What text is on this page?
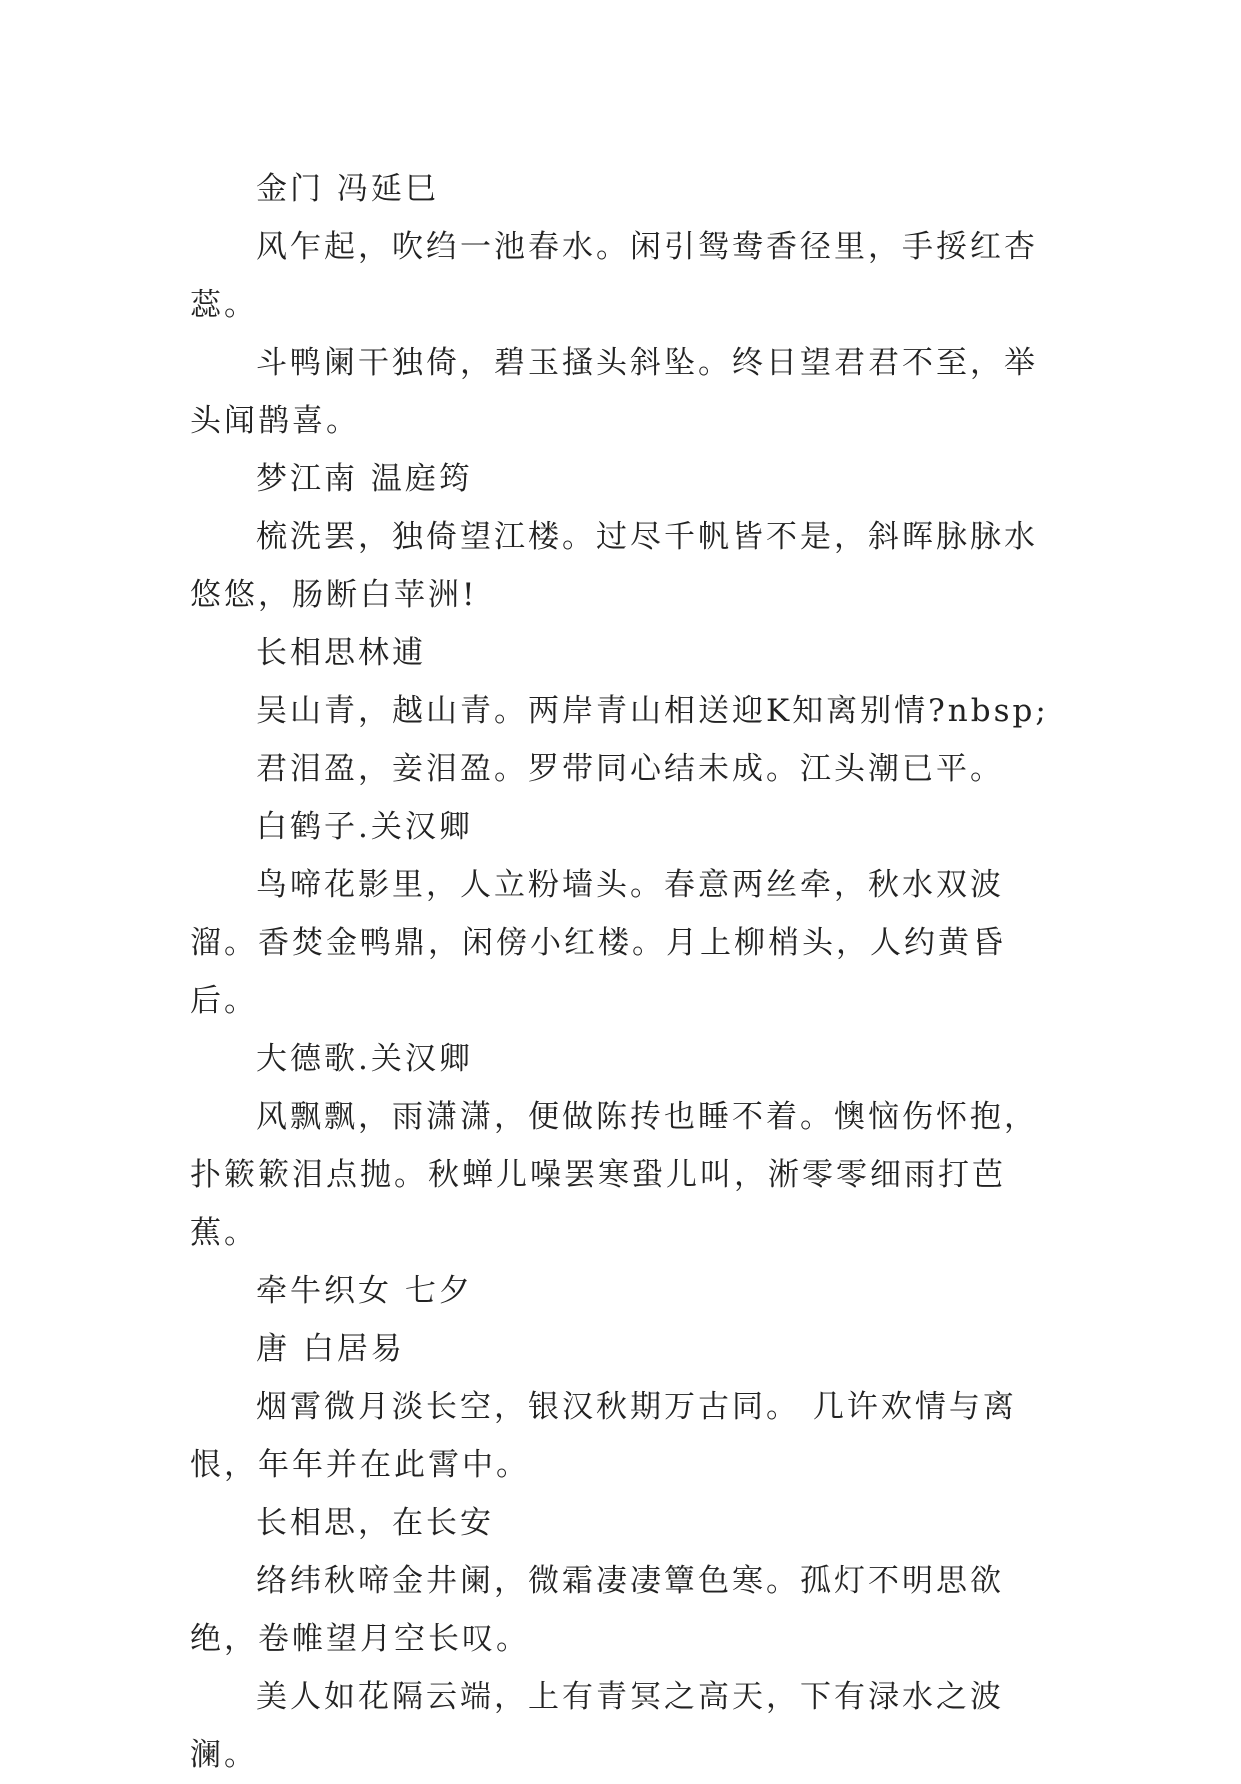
金门 冯延巳

风乍起，吹绉一池春水。闲引鸳鸯香径里，手挼红杏蕊。

斗鸭阑干独倚，碧玉搔头斜坠。终日望君君不至，举头闻鹊喜。

梦江南 温庭筠

梳洗罢，独倚望江楼。过尽千帆皆不是，斜晖脉脉水悠悠，肠断白苹洲!

长相思林逋

吴山青，越山青。两岸青山相送迎K知离别情?nbsp;

君泪盈，妾泪盈。罗带同心结未成。江头潮已平。

白鹤子.关汉卿

鸟啼花影里，人立粉墙头。春意两丝牵，秋水双波溜。香焚金鸭鼎，闲傍小红楼。月上柳梢头，人约黄昏后。

大德歌.关汉卿

风飘飘，雨潇潇，便做陈抟也睡不着。懊恼伤怀抱，扑簌簌泪点抛。秋蝉儿噪罢寒蛩儿叫，淅零零细雨打芭蕉。

牵牛织女 七夕

唐 白居易

烟霄微月淡长空，银汉秋期万古同。 几许欢情与离恨，年年并在此霄中。

长相思，在长安

络纬秋啼金井阑，微霜凄凄簟色寒。孤灯不明思欲绝，卷帷望月空长叹。

美人如花隔云端，上有青冥之高天，下有渌水之波澜。
